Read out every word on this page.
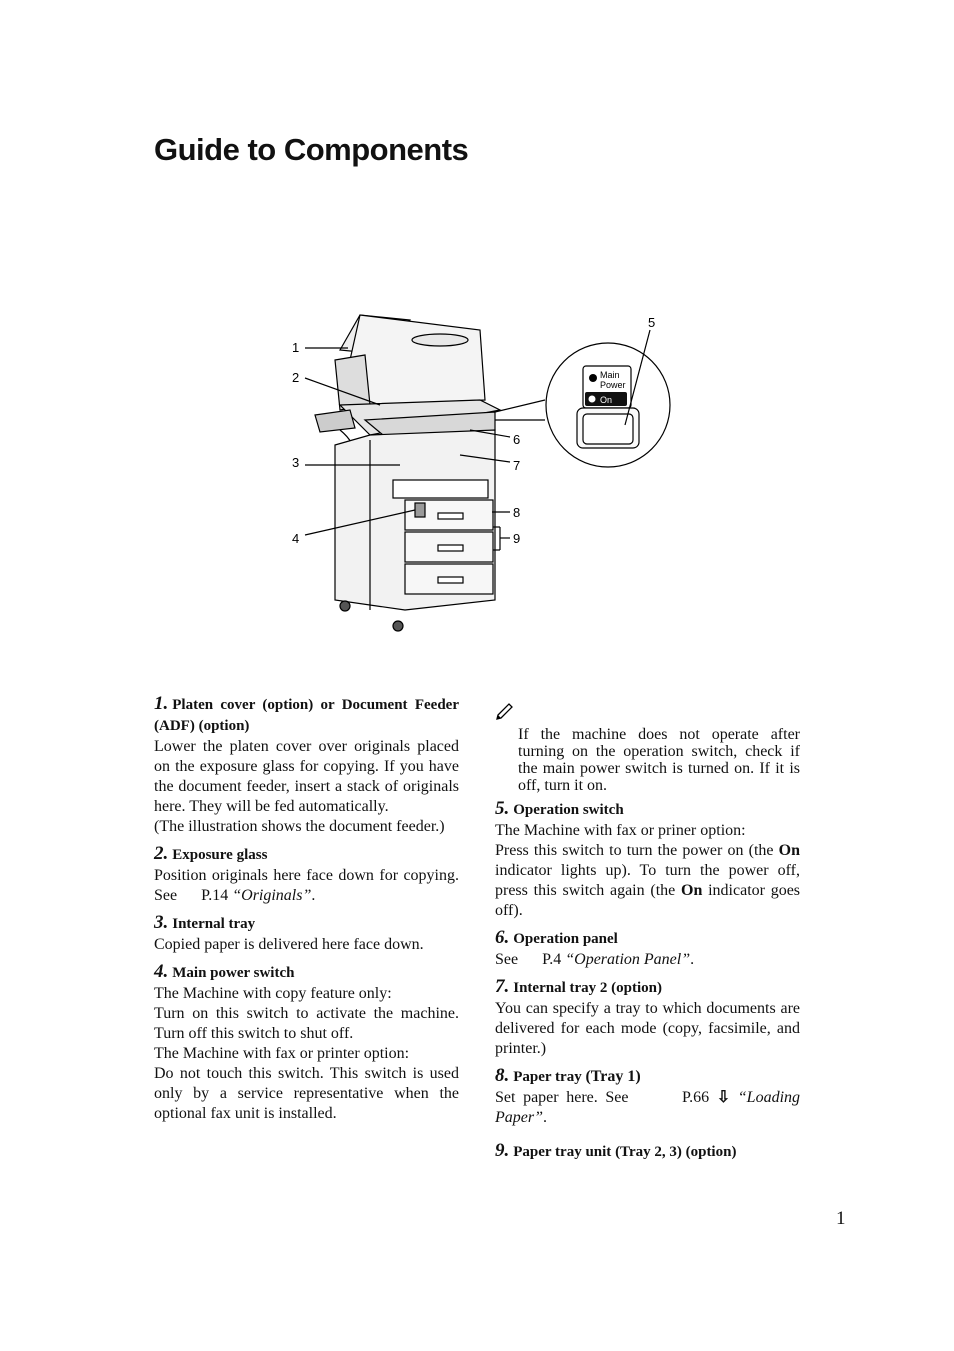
Guide to Components
1
2
3
4
5
6
7
8
9
Main
Power
On
1. Platen cover (option) or Document Feeder (ADF) (option)

Lower the platen cover over originals placed on the exposure glass for copying. If you have the document feeder, insert a stack of originals here. They will be fed automatically.

(The illustration shows the document feeder.)

2. Exposure glass

Position originals here face down for copying. See P.14 “Originals”.

3. Internal tray

Copied paper is delivered here face down.

4. Main power switch

The Machine with copy feature only:

Turn on this switch to activate the machine. Turn off this switch to shut off.

The Machine with fax or printer option:

Do not touch this switch. This switch is used only by a service representative when the optional fax unit is installed.

If the machine does not operate after turning on the operation switch, check if the main power switch is turned on. If it is off, turn it on.

5. Operation switch

The Machine with fax or priner option:

Press this switch to turn the power on (the On indicator lights up). To turn the power off, press this switch again (the On indicator goes off).

6. Operation panel

See P.4 “Operation Panel”.

7. Internal tray 2 (option)

You can specify a tray to which documents are delivered for each mode (copy, facsimile, and printer.)

8. Paper tray (Tray 1)

Set paper here. See	P.66 ⇩ “Loading Paper”.

9. Paper tray unit (Tray 2, 3) (option)
1
